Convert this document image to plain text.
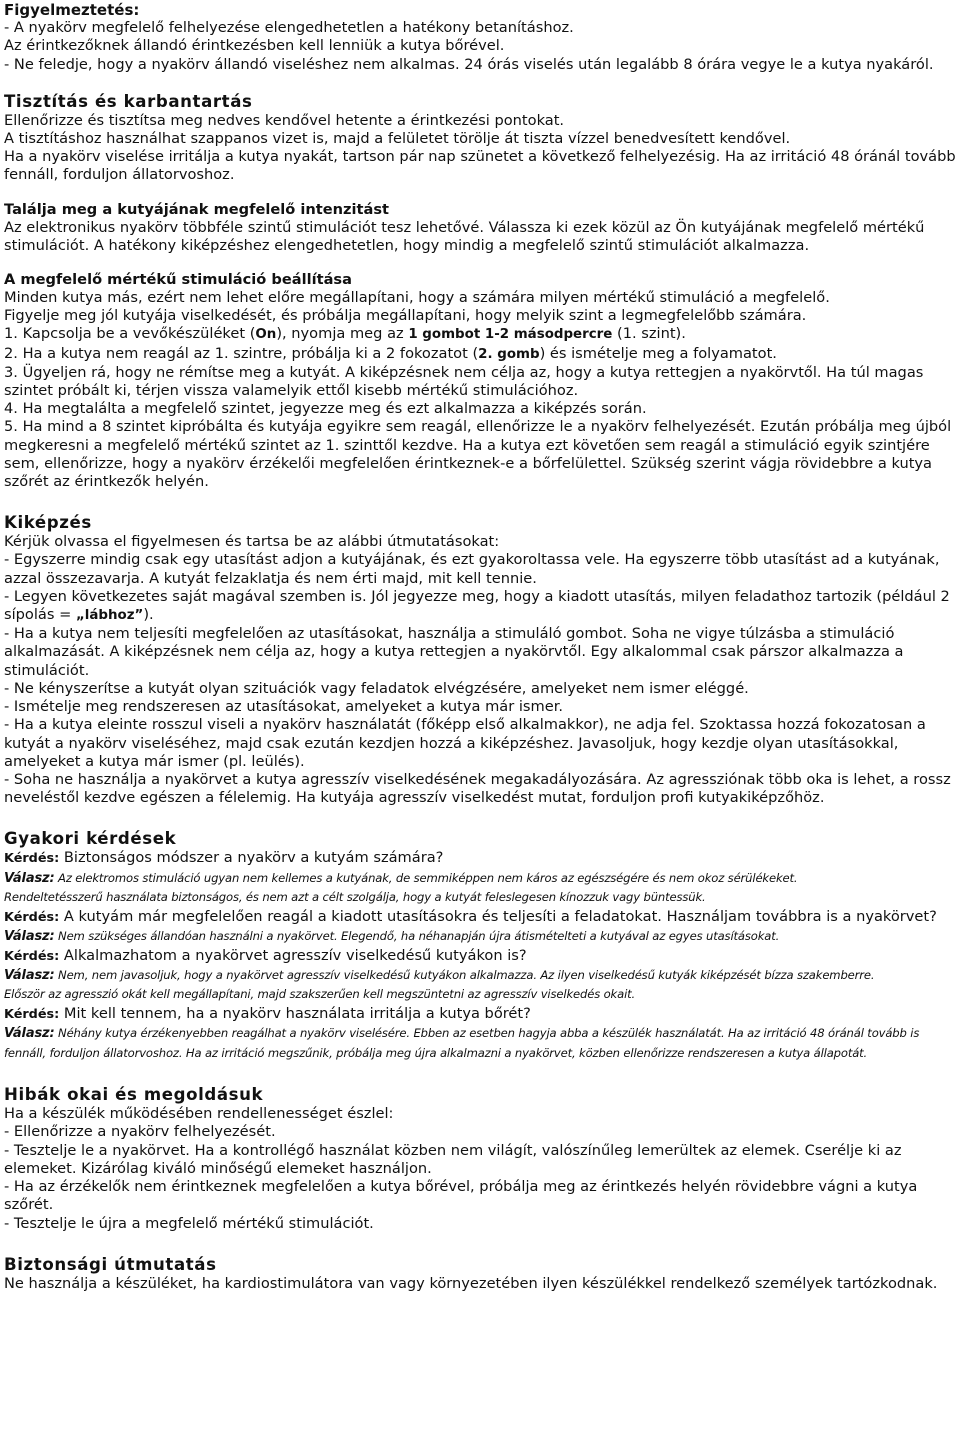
Figyelmeztetés:

- A nyakörv megfelelő felhelyezése elengedhetetlen a hatékony betanításhoz.

Az érintkezőknek állandó érintkezésben kell lenniük a kutya bőrével.

- Ne feledje, hogy a nyakörv állandó viseléshez nem alkalmas. 24 órás viselés után legalább 8 órára vegye le a kutya nyakáról.

Tisztítás és karbantartás

Ellenőrizze és tisztítsa meg nedves kendővel hetente a érintkezési pontokat.

A tisztításhoz használhat szappanos vizet is, majd a felületet törölje át tiszta vízzel benedvesített kendővel.

Ha a nyakörv viselése irritálja a kutya nyakát, tartson pár nap szünetet a következő felhelyezésig. Ha az irritáció 48 óránál tovább fennáll, forduljon állatorvoshoz.

Találja meg a kutyájának megfelelő intenzitást

Az elektronikus nyakörv többféle szintű stimulációt tesz lehetővé. Válassza ki ezek közül az Ön kutyájának megfelelő mértékű stimulációt. A hatékony kiképzéshez elengedhetetlen, hogy mindig a megfelelő szintű stimulációt alkalmazza.

A megfelelő mértékű stimuláció beállítása

Minden kutya más, ezért nem lehet előre megállapítani, hogy a számára milyen mértékű stimuláció a megfelelő.

Figyelje meg jól kutyája viselkedését, és próbálja megállapítani, hogy melyik szint a legmegfelelőbb számára.

1. Kapcsolja be a vevőkészüléket (On), nyomja meg az 1 gombot 1-2 másodpercre (1. szint).

2. Ha a kutya nem reagál az 1. szintre, próbálja ki a 2 fokozatot (2. gomb) és ismételje meg a folyamatot.

3. Ügyeljen rá, hogy ne rémítse meg a kutyát. A kiképzésnek nem célja az, hogy a kutya rettegjen a nyakörvtől. Ha túl magas szintet próbált ki, térjen vissza valamelyik ettől kisebb mértékű stimulációhoz.

4. Ha megtalálta a megfelelő szintet, jegyezze meg és ezt alkalmazza a kiképzés során.

5. Ha mind a 8 szintet kipróbálta és kutyája egyikre sem reagál, ellenőrizze le a nyakörv felhelyezését. Ezután próbálja meg újból megkeresni a megfelelő mértékű szintet az 1. szinttől kezdve. Ha a kutya ezt követően sem reagál a stimuláció egyik szintjére sem, ellenőrizze, hogy a nyakörv érzékelői megfelelően érintkeznek-e a bőrfelülettel. Szükség szerint vágja rövidebbre a kutya szőrét az érintkezők helyén.

Kiképzés

Kérjük olvassa el figyelmesen és tartsa be az alábbi útmutatásokat:

- Egyszerre mindig csak egy utasítást adjon a kutyájának, és ezt gyakoroltassa vele. Ha egyszerre több utasítást ad a kutyának, azzal összezavarja. A kutyát felzaklatja és nem érti majd, mit kell tennie.

- Legyen következetes saját magával szemben is. Jól jegyezze meg, hogy a kiadott utasítás, milyen feladathoz tartozik (például 2 sípolás = „lábhoz”).

- Ha a kutya nem teljesíti megfelelően az utasításokat, használja a stimuláló gombot. Soha ne vigye túlzásba a stimuláció alkalmazását. A kiképzésnek nem célja az, hogy a kutya rettegjen a nyakörvtől. Egy alkalommal csak párszor alkalmazza a stimulációt.

- Ne kényszerítse a kutyát olyan szituációk vagy feladatok elvégzésére, amelyeket nem ismer eléggé.

- Ismételje meg rendszeresen az utasításokat, amelyeket a kutya már ismer.

- Ha a kutya eleinte rosszul viseli a nyakörv használatát (főképp első alkalmakkor), ne adja fel. Szoktassa hozzá fokozatosan a kutyát a nyakörv viseléséhez, majd csak ezután kezdjen hozzá a kiképzéshez. Javasoljuk, hogy kezdje olyan utasításokkal, amelyeket a kutya már ismer (pl. leülés).

- Soha ne használja a nyakörvet a kutya agresszív viselkedésének megakadályozására. Az agressziónak több oka is lehet, a rossz neveléstől kezdve egészen a félelemig. Ha kutyája agresszív viselkedést mutat, forduljon profi kutyakiképzőhöz.

Gyakori kérdések

Kérdés: Biztonságos módszer a nyakörv a kutyám számára?

Válasz: Az elektromos stimuláció ugyan nem kellemes a kutyának, de semmiképpen nem káros az egészségére és nem okoz sérülékeket.

Rendeltetésszerű használata biztonságos, és nem azt a célt szolgálja, hogy a kutyát feleslegesen kínozzuk vagy büntessük.

Kérdés: A kutyám már megfelelően reagál a kiadott utasításokra és teljesíti a feladatokat. Használjam továbbra is a nyakörvet?

Válasz: Nem szükséges állandóan használni a nyakörvet. Elegendő, ha néhanapján újra átismételteti a kutyával az egyes utasításokat.

Kérdés: Alkalmazhatom a nyakörvet agresszív viselkedésű kutyákon is?

Válasz: Nem, nem javasoljuk, hogy a nyakörvet agresszív viselkedésű kutyákon alkalmazza. Az ilyen viselkedésű kutyák kiképzését bízza szakemberre.

Először az agresszió okát kell megállapítani, majd szakszerűen kell megszüntetni az agresszív viselkedés okait.

Kérdés: Mit kell tennem, ha a nyakörv használata irritálja a kutya bőrét?

Válasz: Néhány kutya érzékenyebben reagálhat a nyakörv viselésére. Ebben az esetben hagyja abba a készülék használatát. Ha az irritáció 48 óránál tovább is fennáll, forduljon állatorvoshoz. Ha az irritáció megszűnik, próbálja meg újra alkalmazni a nyakörvet, közben ellenőrizze rendszeresen a kutya állapotát.

Hibák okai és megoldásuk

Ha a készülék működésében rendellenességet észlel:

- Ellenőrizze a nyakörv felhelyezését.

- Tesztelje le a nyakörvet. Ha a kontrollégő használat közben nem világít, valószínűleg lemerültek az elemek. Cserélje ki az elemeket. Kizárólag kiváló minőségű elemeket használjon.

- Ha az érzékelők nem érintkeznek megfelelően a kutya bőrével, próbálja meg az érintkezés helyén rövidebbre vágni a kutya szőrét.

- Tesztelje le újra a megfelelő mértékű stimulációt.

Biztonsági útmutatás

Ne használja a készüléket, ha kardiostimulátora van vagy környezetében ilyen készülékkel rendelkező személyek tartózkodnak.
